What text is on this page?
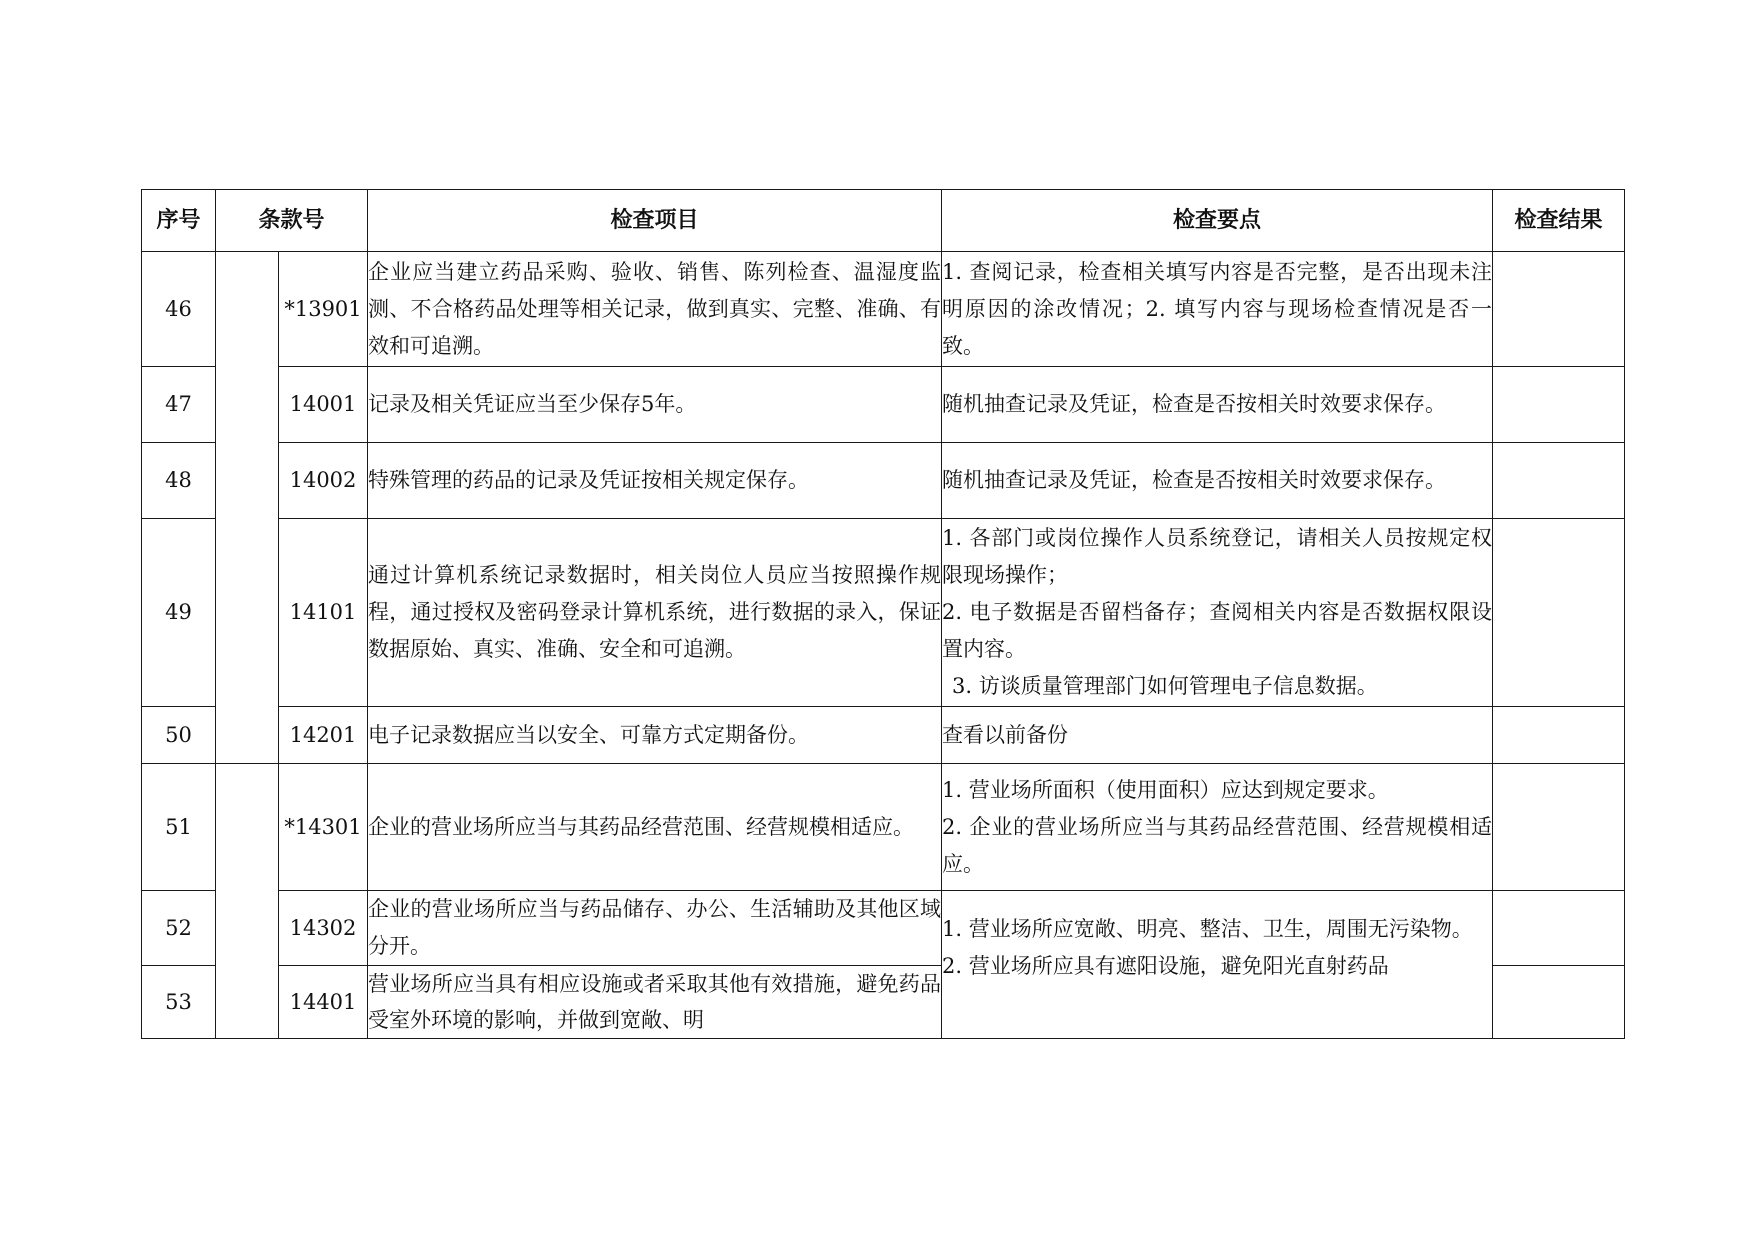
序号	条款号		检查项目	检查要点	检查结果
46		*13901	企业应当建立药品采购、验收、销售、陈列检查、温湿度监测、不合格药品处理等相关记录，做到真实、完整、准确、有效和可追溯。	1. 查阅记录，检查相关填写内容是否完整，是否出现未注明原因的涂改情况；2. 填写内容与现场检查情况是否一致。	

47		14001	记录及相关凭证应当至少保存5年。	随机抽查记录及凭证，检查是否按相关时效要求保存。	

48		14002	特殊管理的药品的记录及凭证按相关规定保存。	随机抽查记录及凭证，检查是否按相关时效要求保存。	

49		14101	通过计算机系统记录数据时，相关岗位人员应当按照操作规程，通过授权及密码登录计算机系统，进行数据的录入，保证数据原始、真实、准确、安全和可追溯。	1. 各部门或岗位操作人员系统登记，请相关人员按规定权限现场操作；
2. 电子数据是否留档备存；查阅相关内容是否数据权限设置内容。
3. 访谈质量管理部门如何管理电子信息数据。	

50		14201	电子记录数据应当以安全、可靠方式定期备份。	查看以前备份	

51		*14301	企业的营业场所应当与其药品经营范围、经营规模相适应。	1. 营业场所面积（使用面积）应达到规定要求。
2. 企业的营业场所应当与其药品经营范围、经营规模相适应。	

52		14302	企业的营业场所应当与药品储存、办公、生活辅助及其他区域分开。	1. 营业场所应宽敞、明亮、整洁、卫生，周围无污染物。
2. 营业场所应具有遮阳设施，避免阳光直射药品	

53		14401	营业场所应当具有相应设施或者采取其他有效措施，避免药品受室外环境的影响，并做到宽敞、明		
